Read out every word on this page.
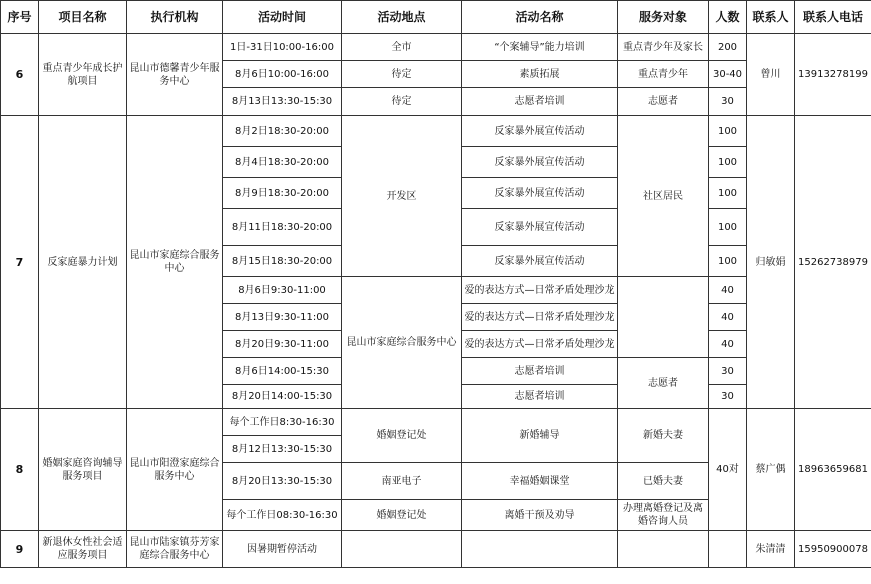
序号	项目名称	执行机构	活动时间	活动地点	活动名称	服务对象	人数	联系人	联系人电话
6	重点青少年成长护航项目	昆山市德馨青少年服务中心	1日-31日10:00-16:00	全市	“个案辅导”能力培训	重点青少年及家长	200	曾川	13913278199
			8月6日10:00-16:00	待定	素质拓展	重点青少年	30-40		
			8月13日13:30-15:30	待定	志愿者培训	志愿者	30		
7	反家庭暴力计划	昆山市家庭综合服务中心	8月2日18:30-20:00	开发区	反家暴外展宣传活动	社区居民	100	归敏娟	15262738979
			8月4日18:30-20:00		反家暴外展宣传活动		100		
			8月9日18:30-20:00		反家暴外展宣传活动		100		
			8月11日18:30-20:00		反家暴外展宣传活动		100		
			8月15日18:30-20:00		反家暴外展宣传活动		100		
			8月6日9:30-11:00	昆山市家庭综合服务中心	爱的表达方式—日常矛盾处理沙龙		40		
			8月13日9:30-11:00		爱的表达方式—日常矛盾处理沙龙		40		
			8月20日9:30-11:00		爱的表达方式—日常矛盾处理沙龙		40		
			8月6日14:00-15:30		志愿者培训	志愿者	30		
			8月20日14:00-15:30		志愿者培训		30		
8	婚姻家庭咨询辅导服务项目	昆山市阳澄家庭综合服务中心	每个工作日8:30-16:30	婚姻登记处	新婚辅导	新婚夫妻	40对	蔡广偶	18963659681
			8月12日13:30-15:30						
			8月20日13:30-15:30	南亚电子	幸福婚姻课堂	已婚夫妻			
			每个工作日08:30-16:30	婚姻登记处	离婚干预及劝导	办理离婚登记及离婚咨询人员			
9	新退休女性社会适应服务项目	昆山市陆家镇芬芳家庭综合服务中心	因暑期暂停活动					朱清清	15950900078
